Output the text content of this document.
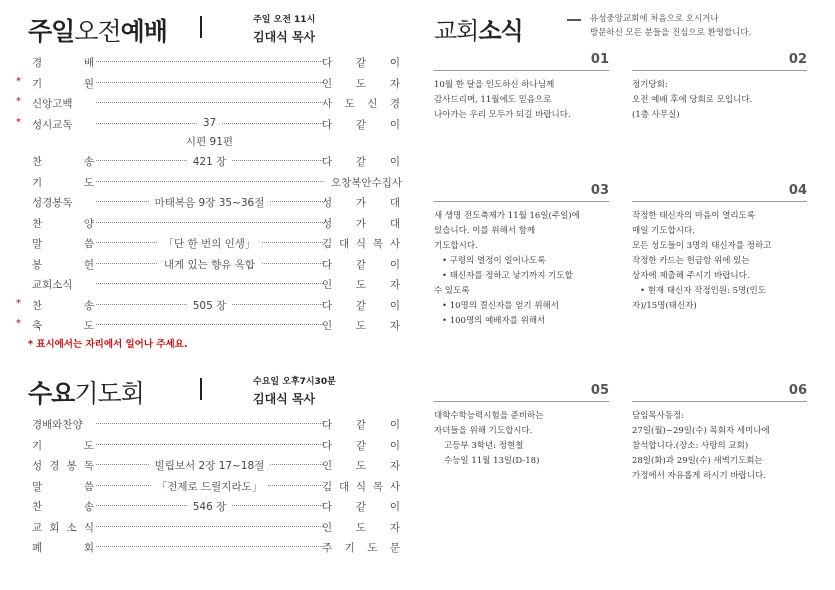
주일오전예배	주일 오전 11시
김대식 목사
경	배	다 같 이
* 기	원	인 도 자
* 신앙고백	사 도 신 경
* 성시교독	37	다 같 이
시편 91편
찬	송	421 장	다 같 이
기	도	오창복안수집사
성경봉독	마태복음 9장 35~36절	성 가 대
찬	양	성 가 대
말	씀	「단 한 번의 인생」	김 대 식 목 사
봉	헌	내게 있는 향유 옥합	다 같 이
교회소식	인 도 자
* 찬	송	505 장	다 같 이
* 축	도	인 도 자
* 표시에서는 자리에서 일어나 주세요.
수요기도회	수요일 오후7시30분
김대식 목사
경배와찬양	다 같 이
기	도	다 같 이
성 경 봉 독	빌립보서 2장 17~18절	인 도 자
말	씀	「전제로 드릴지라도」	김 대 식 목 사
찬	송	546 장	다 같 이
교 회 소 식	인 도 자
폐	회	주 기 도 문
교회소식	유성중앙교회에 처음으로 오시거나
방문하신 모든 분들을 진심으로 환영합니다.
01
10월 한 달을 인도하신 하나님께
감사드리며, 11월에도 믿음으로
나아가는 우리 모두가 되길 바랍니다.
02
정기당회:
오전 예배 후에 당회로 모입니다.
(1층 사무실)
03
새 생명 전도축제가 11월 16일(주일)에
있습니다. 이를 위해서 함께
기도합시다.
• 구령의 열정이 일어나도록
• 태신자를 정하고 낳기까지 기도할
수 있도록
• 10명의 결신자를 얻기 위해서
• 100명의 예배자를 위해서
04
작정한 태신자의 마음이 열리도록
매일 기도합시다.
모든 성도들이 3명의 태신자를 정하고
작정한 카드는 헌금함 위에 있는
상자에 제출해 주시기 바랍니다.
• 현재 태신자 작정인원: 5명(인도
자)/15명(태신자)
05
대학수학능력시험을 준비하는
자녀들을 위해 기도합시다.
고등부 3학년: 정현철
수능일 11월 13일(D-18)
06
담임목사동정:
27일(월)~29일(수) 목회자 세미나에
참석합니다.(장소: 사랑의 교회)
28일(화)과 29일(수) 새벽기도회는
가정에서 자유롭게 하시기 바랍니다.
